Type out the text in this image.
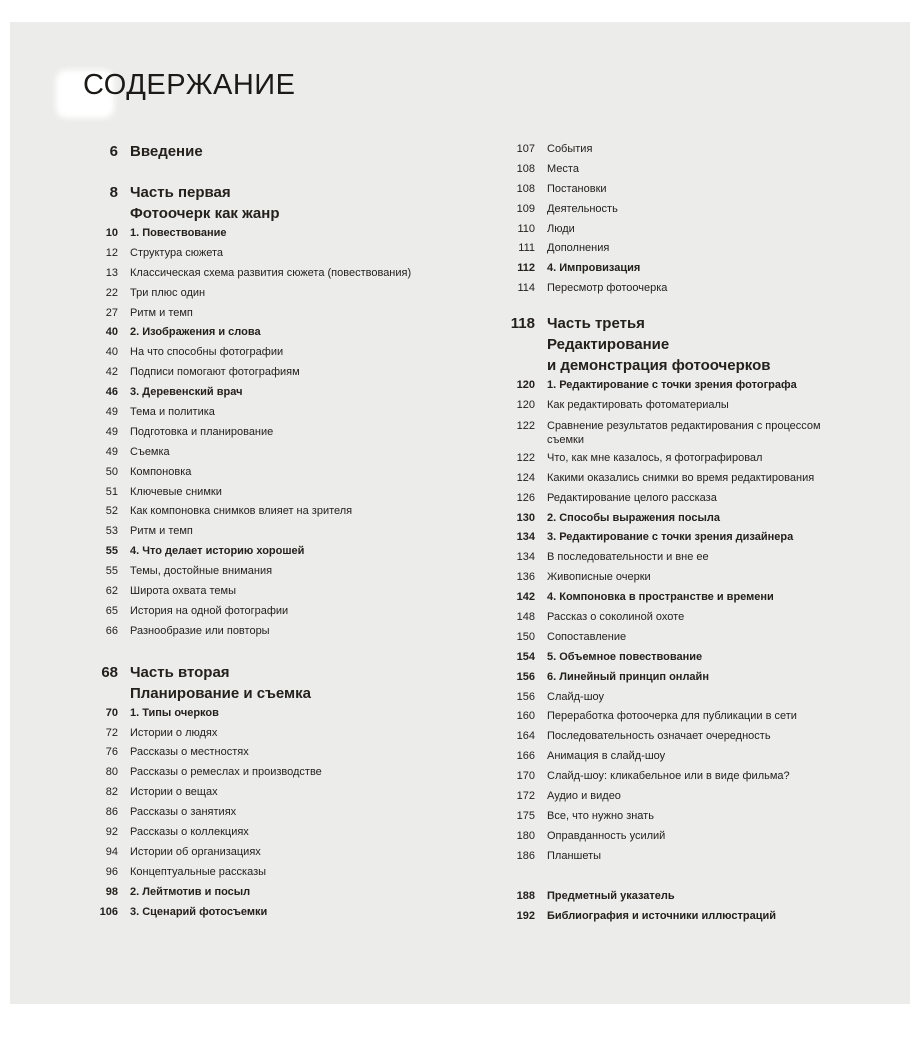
СОДЕРЖАНИЕ
6 Введение
8 Часть первая
Фотоочерк как жанр
10 1. Повествование
12 Структура сюжета
13 Классическая схема развития сюжета (повествования)
22 Три плюс один
27 Ритм и темп
40 2. Изображения и слова
40 На что способны фотографии
42 Подписи помогают фотографиям
46 3. Деревенский врач
49 Тема и политика
49 Подготовка и планирование
49 Съемка
50 Компоновка
51 Ключевые снимки
52 Как компоновка снимков влияет на зрителя
53 Ритм и темп
55 4. Что делает историю хорошей
55 Темы, достойные внимания
62 Широта охвата темы
65 История на одной фотографии
66 Разнообразие или повторы
68 Часть вторая
Планирование и съемка
70 1. Типы очерков
72 Истории о людях
76 Рассказы о местностях
80 Рассказы о ремеслах и производстве
82 Истории о вещах
86 Рассказы о занятиях
92 Рассказы о коллекциях
94 Истории об организациях
96 Концептуальные рассказы
98 2. Лейтмотив и посыл
106 3. Сценарий фотосъемки
107 События
108 Места
108 Постановки
109 Деятельность
110 Люди
111 Дополнения
112 4. Импровизация
114 Пересмотр фотоочерка
118 Часть третья
Редактирование
и демонстрация фотоочерков
120 1. Редактирование с точки зрения фотографа
120 Как редактировать фотоматериалы
122 Сравнение результатов редактирования с процессом
съемки
122 Что, как мне казалось, я фотографировал
124 Какими оказались снимки во время редактирования
126 Редактирование целого рассказа
130 2. Способы выражения посыла
134 3. Редактирование с точки зрения дизайнера
134 В последовательности и вне ее
136 Живописные очерки
142 4. Компоновка в пространстве и времени
148 Рассказ о соколиной охоте
150 Сопоставление
154 5. Объемное повествование
156 6. Линейный принцип онлайн
156 Слайд-шоу
160 Переработка фотоочерка для публикации в сети
164 Последовательность означает очередность
166 Анимация в слайд-шоу
170 Слайд-шоу: кликабельное или в виде фильма?
172 Аудио и видео
175 Все, что нужно знать
180 Оправданность усилий
186 Планшеты
188 Предметный указатель
192 Библиография и источники иллюстраций
